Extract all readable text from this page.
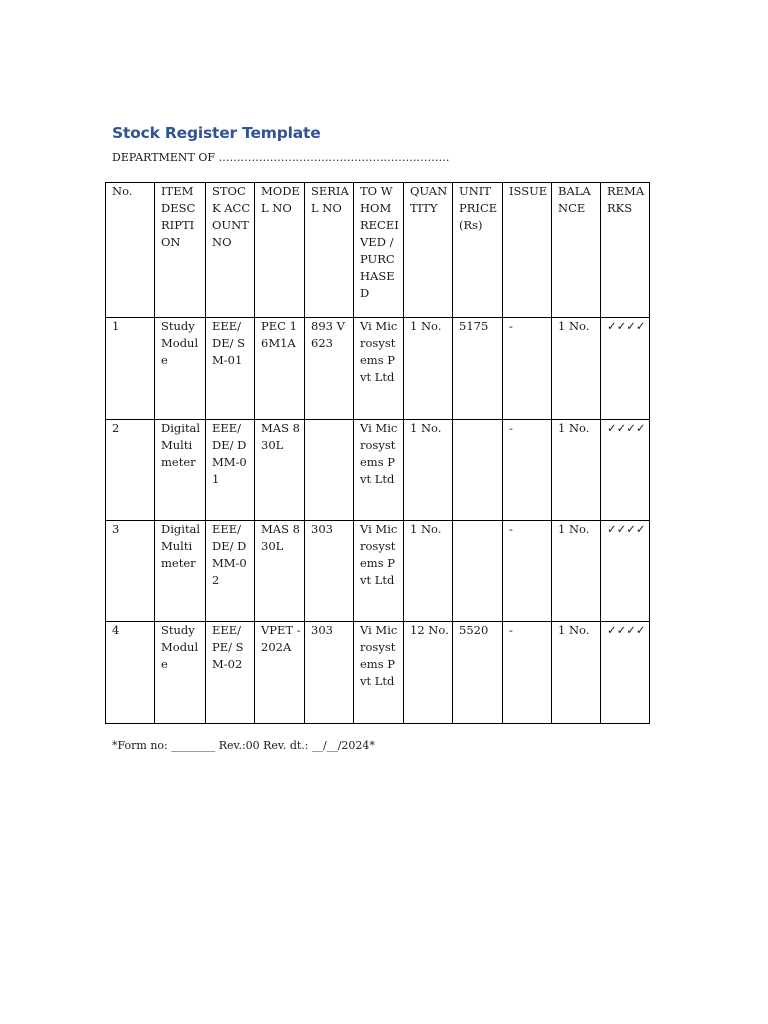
Stock Register Template
DEPARTMENT OF ………………………………………………………
No.	ITEM DESCRIPTION	STOCK ACCOUNT NO	MODEL NO	SERIAL NO	TO WHOM RECEIVED /PURCHASED	QUANTITY	UNIT PRICE (Rs)	ISSUE	BALANCE	REMARKS
1	Study Module	EEE/ DE/ SM-01	PEC 16M1A	893 V623	Vi Microsystems Pvt Ltd	1 No.	5175	-	1 No.	✓✓✓✓
2	Digital Multimeter	EEE/ DE/ DMM-01	MAS 830L		Vi Microsystems Pvt Ltd	1 No.		-	1 No.	✓✓✓✓
3	Digital Multimeter	EEE/ DE/ DMM-02	MAS 830L	303	Vi Microsystems Pvt Ltd	1 No.		-	1 No.	✓✓✓✓
4	Study Module	EEE/ PE/ SM-02	VPET -202A	303	Vi Microsystems Pvt Ltd	12 No.	5520	-	1 No.	✓✓✓✓
*Form no: ________ Rev.:00 Rev. dt.: __/__/2024*
